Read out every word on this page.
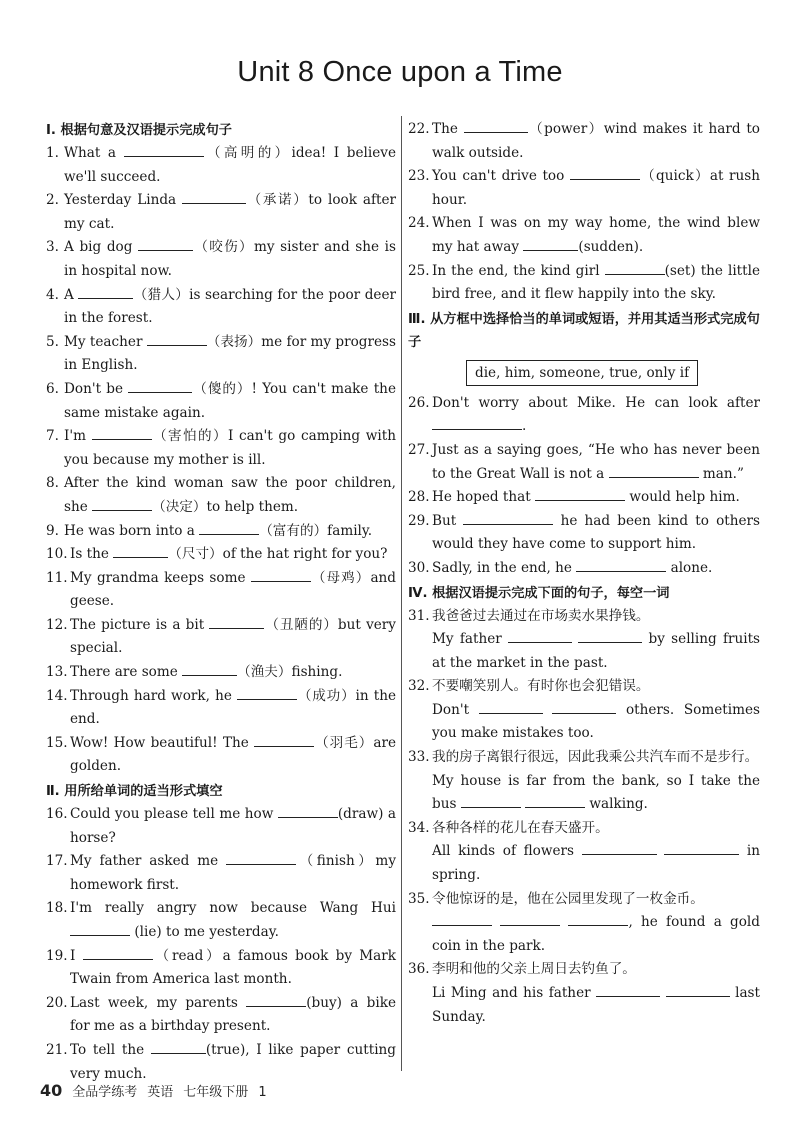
Unit 8 Once upon a Time
Ⅰ. 根据句意及汉语提示完成句子
1. What a	（高明的）idea! I believe we'll succeed.
2. Yesterday Linda	（承诺）to look after my cat.
3. A big dog	（咬伤）my sister and she is in hospital now.
4. A	（猎人）is searching for the poor deer in the forest.
5. My teacher	（表扬）me for my progress in English.
6. Don't be	（傻的）! You can't make the same mistake again.
7. I'm	（害怕的）I can't go camping with you because my mother is ill.
8. After the kind woman saw the poor children, she	（决定）to help them.
9. He was born into a	（富有的）family.
10. Is the	（尺寸）of the hat right for you?
11. My grandma keeps some	（母鸡）and geese.
12. The picture is a bit	（丑陋的）but very special.
13. There are some	（渔夫）fishing.
14. Through hard work, he	（成功）in the end.
15. Wow! How beautiful! The	（羽毛）are golden.
Ⅱ. 用所给单词的适当形式填空
16. Could you please tell me how	(draw) a horse?
17. My father asked me	（finish）my homework first.
18. I'm really angry now because Wang Hui  (lie) to me yesterday.
19. I	（read）a famous book by Mark Twain from America last month.
20. Last week, my parents	(buy) a bike for me as a birthday present.
21. To tell the	(true), I like paper cutting very much.
22. The	（power）wind makes it hard to walk outside.
23. You can't drive too	（quick）at rush hour.
24. When I was on my way home, the wind blew my hat away	(sudden).
25. In the end, the kind girl	(set) the little bird free, and it flew happily into the sky.
Ⅲ. 从方框中选择恰当的单词或短语，并用其适当形式完成句子
die, him, someone, true, only if
26. Don't worry about Mike. He can look after .
27. Just as a saying goes, “He who has never been to the Great Wall is not a	man.”
28. He hoped that	would help him.
29. But	he had been kind to others would they have come to support him.
30. Sadly, in the end, he	alone.
Ⅳ. 根据汉语提示完成下面的句子，每空一词
31. 我爸爸过去通过在市场卖水果挣钱。
My father	by selling fruits at the market in the past.
32. 不要嘲笑别人。有时你也会犯错误。
Don't	others. Sometimes you make mistakes too.
33. 我的房子离银行很远，因此我乘公共汽车而不是步行。
My house is far from the bank, so I take the bus	walking.
34. 各种各样的花儿在春天盛开。
All kinds of flowers	in spring.
35. 令他惊讶的是，他在公园里发现了一枚金币。
, he found a gold coin in the park.
36. 李明和他的父亲上周日去钓鱼了。
Li Ming and his father	last Sunday.
40 全品学练考 英语 七年级下册 1
